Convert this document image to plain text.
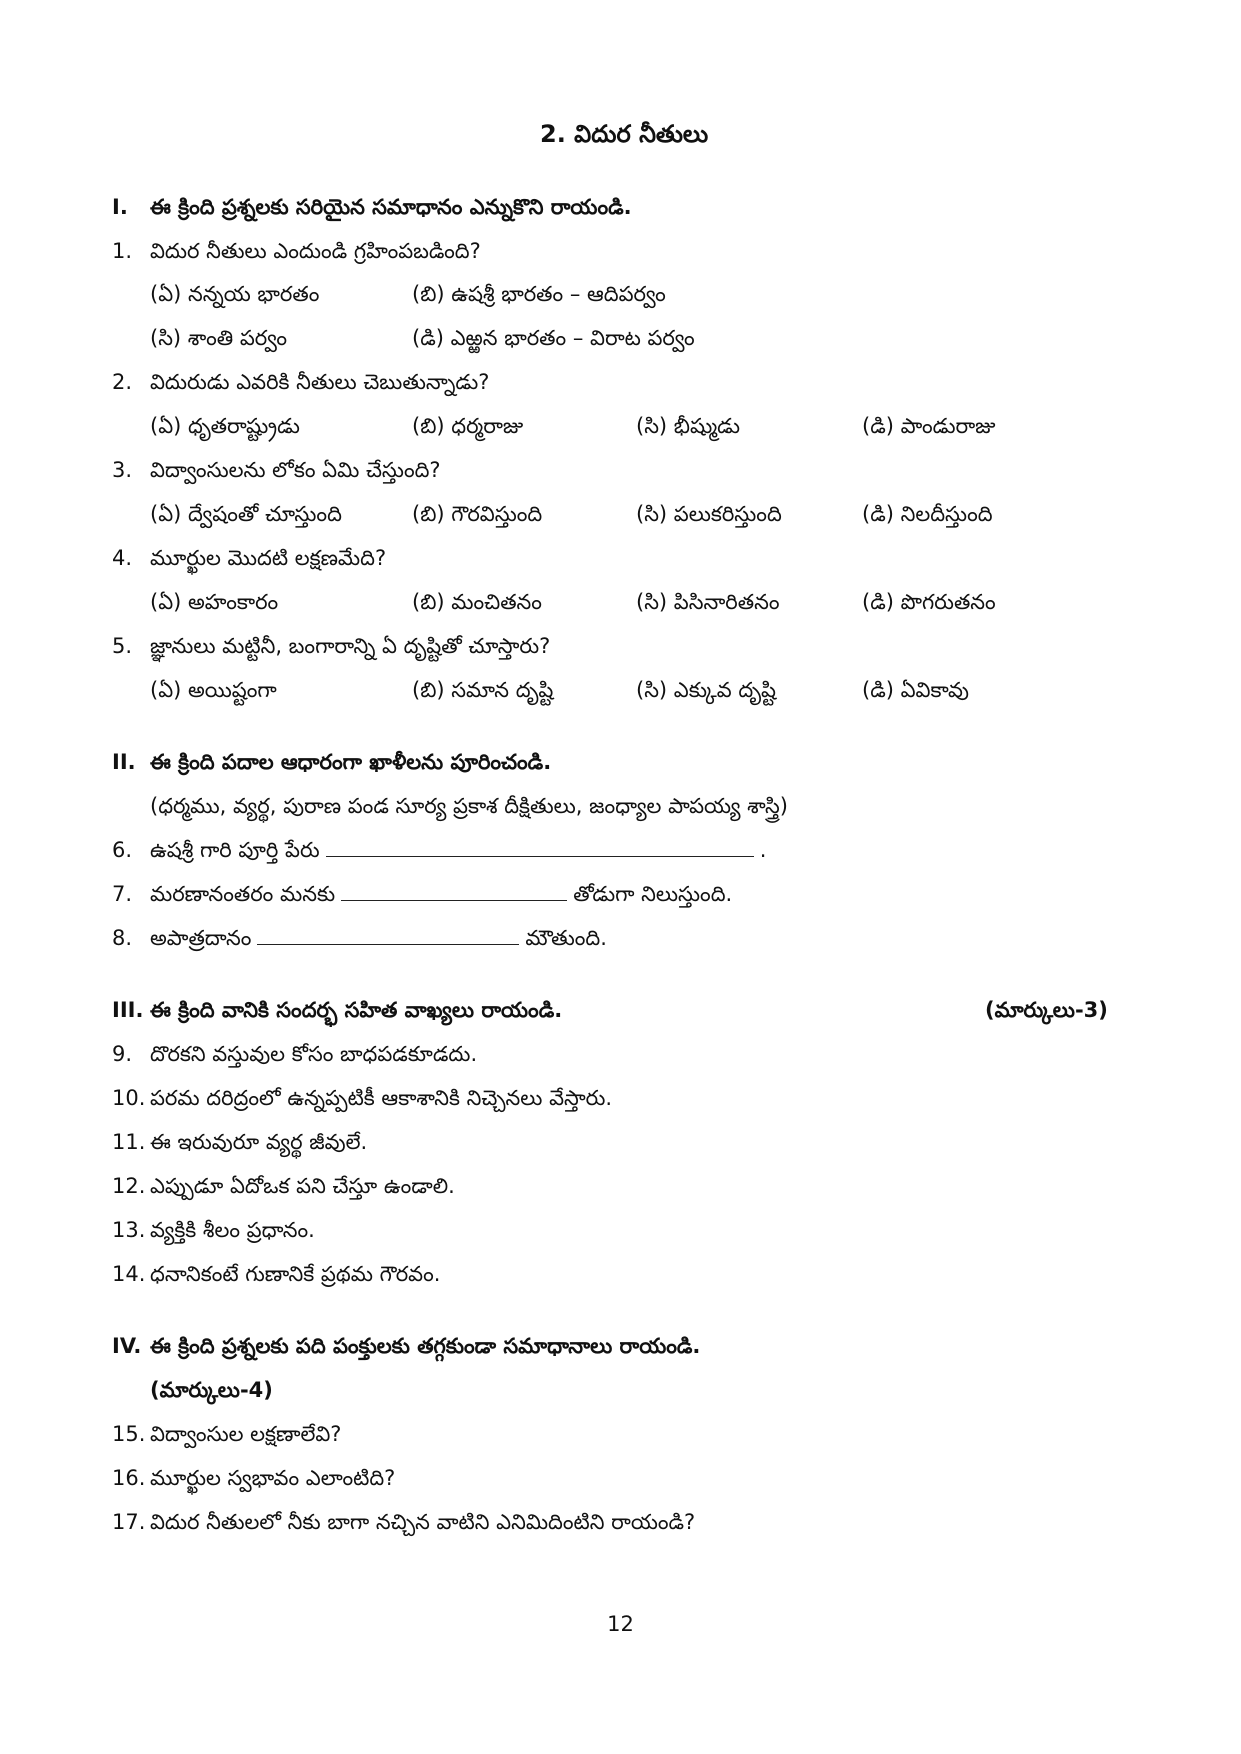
2. విదుర నీతులు
I. ఈ క్రింది ప్రశ్నలకు సరియైన సమాధానం ఎన్నుకొని రాయండి.
1. విదుర నీతులు ఎందుండి గ్రహింపబడింది?
(ఏ) నన్నయ భారతం	(బి) ఉషశ్రీ భారతం – ఆదిపర్వం
(సి) శాంతి పర్వం	(డి) ఎఱ్ఱన భారతం – విరాట పర్వం
2. విదురుడు ఎవరికి నీతులు చెబుతున్నాడు?
(ఏ) ధృతరాష్ట్రుడు	(బి) ధర్మరాజు	(సి) భీష్ముడు	(డి) పాండురాజు
3. విద్వాంసులను లోకం ఏమి చేస్తుంది?
(ఏ) ద్వేషంతో చూస్తుంది	(బి) గౌరవిస్తుంది	(సి) పలుకరిస్తుంది	(డి) నిలదీస్తుంది
4. మూర్ఖుల మొదటి లక్షణమేది?
(ఏ) అహంకారం	(బి) మంచితనం	(సి) పిసినారితనం	(డి) పొగరుతనం
5. జ్ఞానులు మట్టినీ, బంగారాన్ని ఏ దృష్టితో చూస్తారు?
(ఏ) అయిష్టంగా	(బి) సమాన దృష్టి	(సి) ఎక్కువ దృష్టి	(డి) ఏవికావు
II. ఈ క్రింది పదాల ఆధారంగా ఖాళీలను పూరించండి.
(ధర్మము, వ్యర్థ, పురాణ పండ సూర్య ప్రకాశ దీక్షితులు, జంధ్యాల పాపయ్య శాస్త్రి)
6. ఉషశ్రీ గారి పూర్తి పేరు	.
7. మరణానంతరం మనకు	తోడుగా నిలుస్తుంది.
8. అపాత్రదానం	మౌతుంది.
III. ఈ క్రింది వానికి సందర్భ సహిత వాఖ్యలు రాయండి.	(మార్కులు-3)
9. దొరకని వస్తువుల కోసం బాధపడకూడదు.
10. పరమ దరిద్రంలో ఉన్నప్పటికీ ఆకాశానికి నిచ్చెనలు వేస్తారు.
11. ఈ ఇరువురూ వ్యర్థ జీవులే.
12. ఎప్పుడూ ఏదోఒక పని చేస్తూ ఉండాలి.
13. వ్యక్తికి శీలం ప్రధానం.
14. ధనానికంటే గుణానికే ప్రథమ గౌరవం.
IV. ఈ క్రింది ప్రశ్నలకు పది పంక్తులకు తగ్గకుండా సమాధానాలు రాయండి.
(మార్కులు-4)
15. విద్వాంసుల లక్షణాలేవి?
16. మూర్ఖుల స్వభావం ఎలాంటిది?
17. విదుర నీతులలో నీకు బాగా నచ్చిన వాటిని ఎనిమిదింటిని రాయండి?
12
